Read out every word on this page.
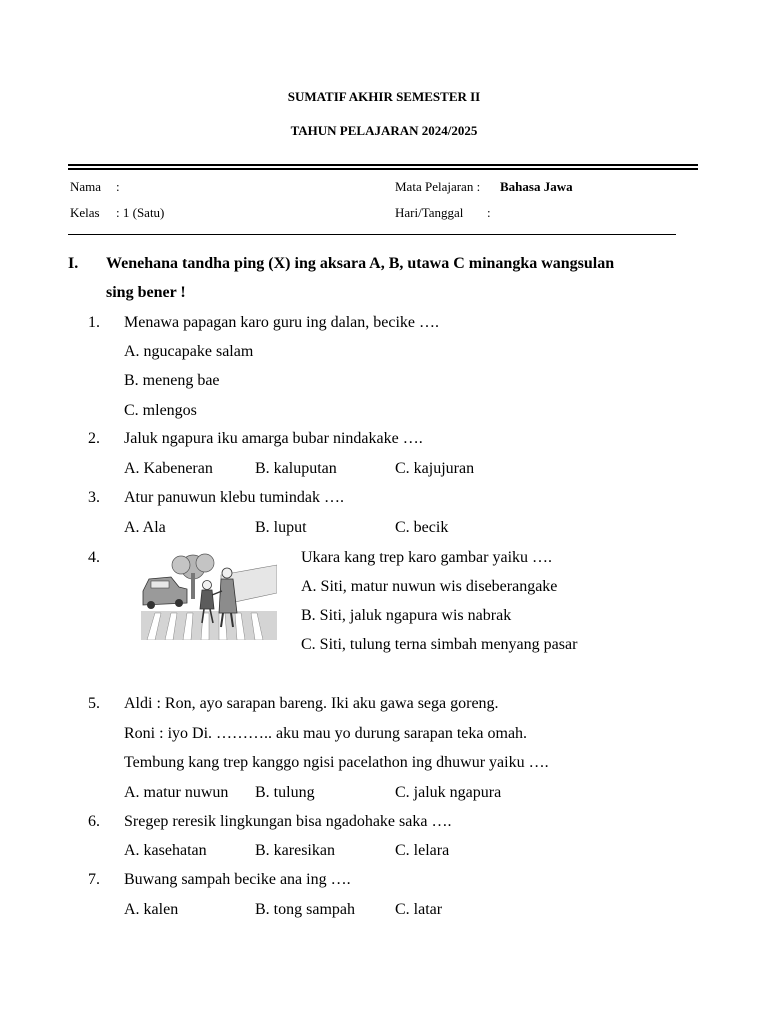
SUMATIF AKHIR SEMESTER II
TAHUN PELAJARAN 2024/2025
Nama :	Mata Pelajaran : Bahasa Jawa
Kelas : 1 (Satu)	Hari/Tanggal :
I. Wenehana tandha ping (X) ing aksara A, B, utawa C minangka wangsulan
sing bener !
1. Menawa papagan karo guru ing dalan, becike ….
A. ngucapake salam
B. meneng bae
C. mlengos
2. Jaluk ngapura iku amarga bubar nindakake ….
A. Kabeneran	B. kaluputan	C. kajujuran
3. Atur panuwun klebu tumindak ….
A. Ala	B. luput	C. becik
4.	Ukara kang trep karo gambar yaiku ….
A. Siti, matur nuwun wis diseberangake
B. Siti, jaluk ngapura wis nabrak
C. Siti, tulung terna simbah menyang pasar
5. Aldi : Ron, ayo sarapan bareng. Iki aku gawa sega goreng.
Roni : iyo Di. ……….. aku mau yo durung sarapan teka omah.
Tembung kang trep kanggo ngisi pacelathon ing dhuwur yaiku ….
A. matur nuwun B. tulung	C. jaluk ngapura
6. Sregep reresik lingkungan bisa ngadohake saka ….
A. kasehatan	B. karesikan	C. lelara
7. Buwang sampah becike ana ing ….
A. kalen	B. tong sampah	C. latar
